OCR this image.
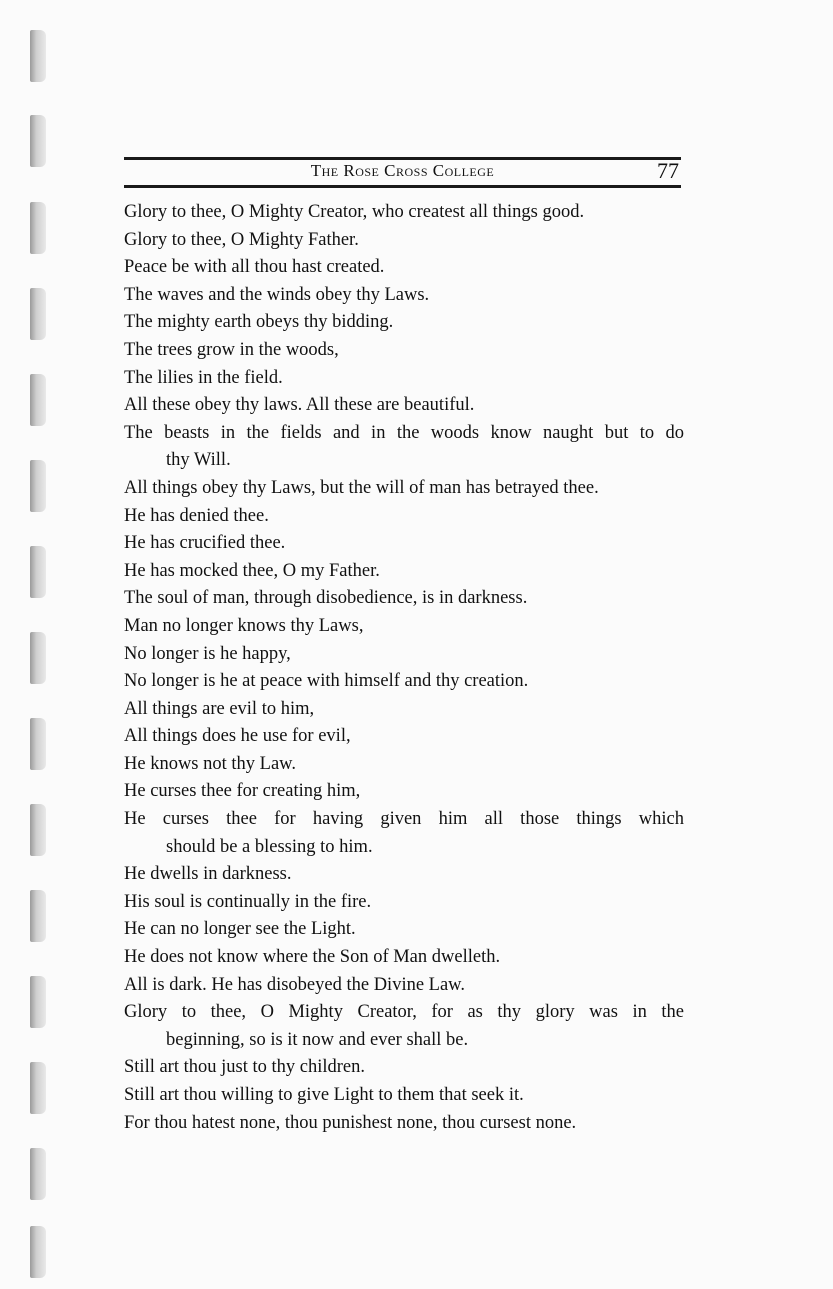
The Rose Cross College	77
Glory to thee, O Mighty Creator, who createst all things good.
Glory to thee, O Mighty Father.
Peace be with all thou hast created.
The waves and the winds obey thy Laws.
The mighty earth obeys thy bidding.
The trees grow in the woods,
The lilies in the field.
All these obey thy laws. All these are beautiful.
The beasts in the fields and in the woods know naught but to do
thy Will.
All things obey thy Laws, but the will of man has betrayed thee.
He has denied thee.
He has crucified thee.
He has mocked thee, O my Father.
The soul of man, through disobedience, is in darkness.
Man no longer knows thy Laws,
No longer is he happy,
No longer is he at peace with himself and thy creation.
All things are evil to him,
All things does he use for evil,
He knows not thy Law.
He curses thee for creating him,
He curses thee for having given him all those things which
should be a blessing to him.
He dwells in darkness.
His soul is continually in the fire.
He can no longer see the Light.
He does not know where the Son of Man dwelleth.
All is dark. He has disobeyed the Divine Law.
Glory to thee, O Mighty Creator, for as thy glory was in the
beginning, so is it now and ever shall be.
Still art thou just to thy children.
Still art thou willing to give Light to them that seek it.
For thou hatest none, thou punishest none, thou cursest none.
